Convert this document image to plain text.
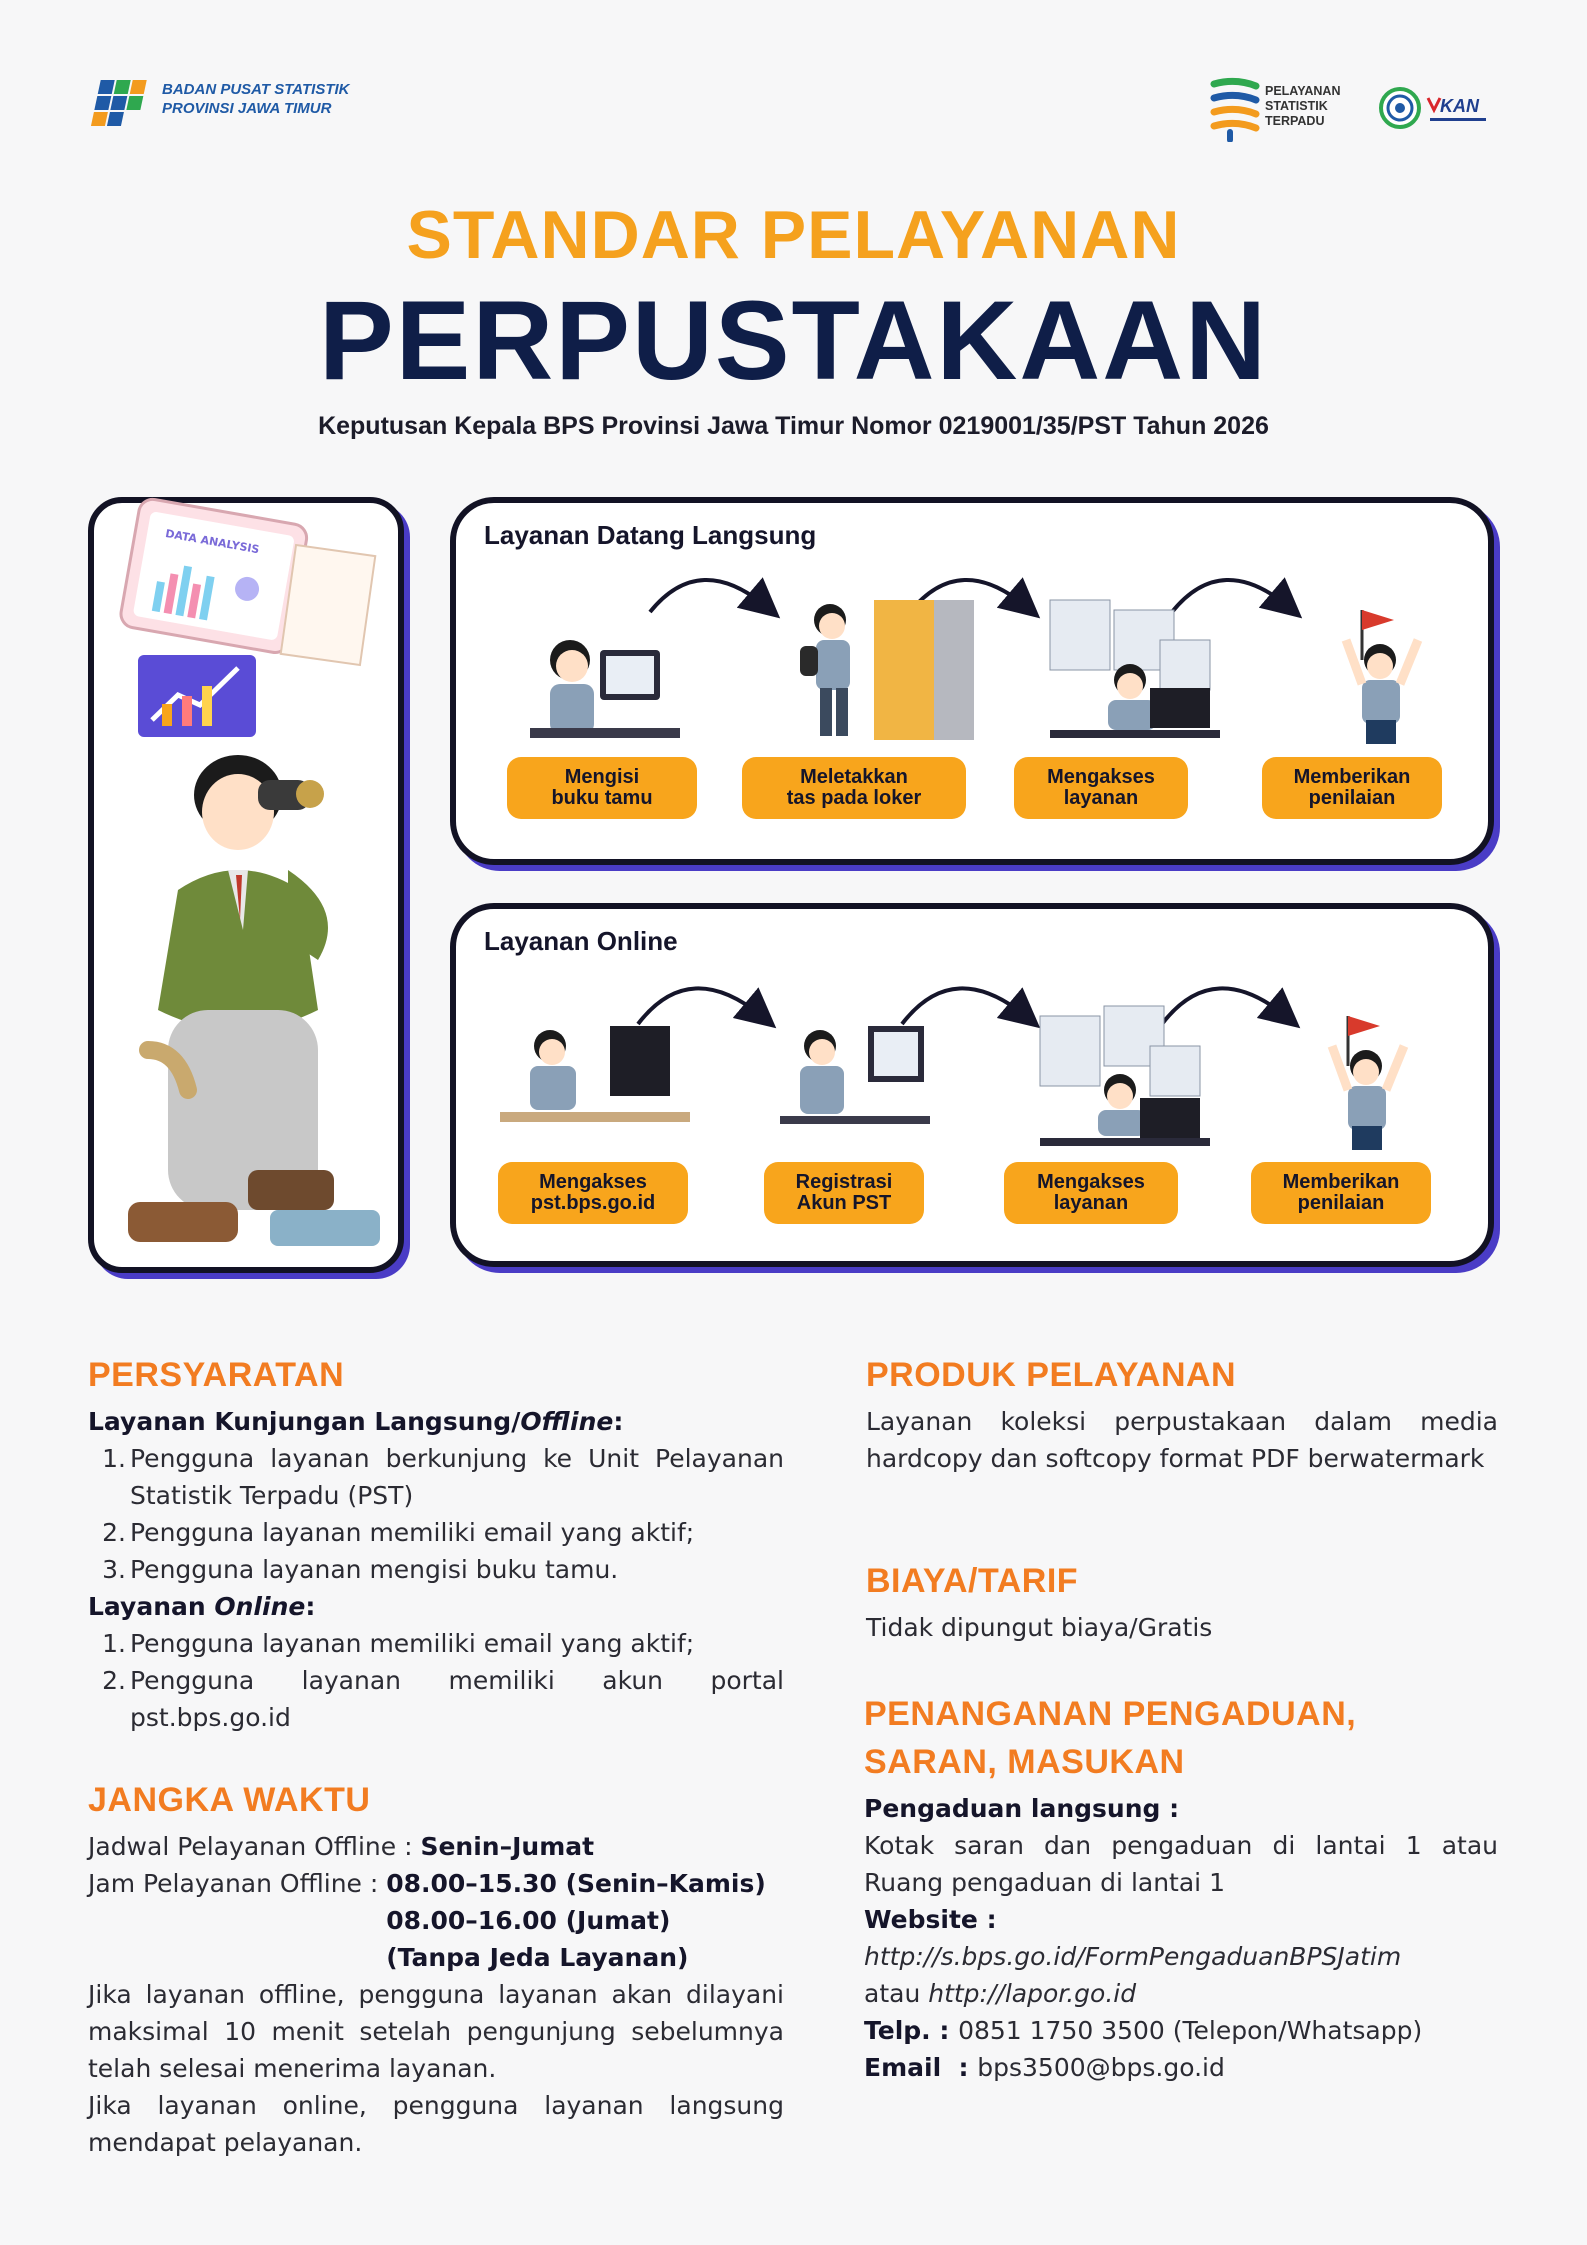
BADAN PUSAT STATISTIK
PROVINSI JAWA TIMUR
PELAYANAN
STATISTIK
TERPADU
KAN
STANDAR PELAYANAN
PERPUSTAKAAN
Keputusan Kepala BPS Provinsi Jawa Timur Nomor 0219001/35/PST Tahun 2026
DATA ANALYSIS	Layanan Datang Langsung
Mengisi
buku tamu
Meletakkan
tas pada loker
Mengakses
layanan
Memberikan
penilaian
Layanan Online
Mengakses
pst.bps.go.id
Registrasi
Akun PST
Mengakses
layanan
Memberikan
penilaian
PERSYARATAN
Layanan Kunjungan Langsung/Offline:
1. Pengguna layanan berkunjung ke Unit Pelayanan Statistik Terpadu (PST)
2. Pengguna layanan memiliki email yang aktif;
3. Pengguna layanan mengisi buku tamu.
Layanan Online:
1. Pengguna layanan memiliki email yang aktif;
2. Pengguna layanan memiliki akun portal pst.bps.go.id
JANGKA WAKTU
Jadwal Pelayanan Offline : Senin–Jumat
Jam Pelayanan Offline : 08.00–15.30 (Senin–Kamis)
08.00–16.00 (Jumat)
(Tanpa Jeda Layanan)
Jika layanan offline, pengguna layanan akan dilayani maksimal 10 menit setelah pengunjung sebelumnya telah selesai menerima layanan.
Jika layanan online, pengguna layanan langsung mendapat pelayanan.
PRODUK PELAYANAN
Layanan koleksi perpustakaan dalam media hardcopy dan softcopy format PDF berwatermark
BIAYA/TARIF
Tidak dipungut biaya/Gratis
PENANGANAN PENGADUAN,
SARAN, MASUKAN
Pengaduan langsung :
Kotak saran dan pengaduan di lantai 1 atau Ruang pengaduan di lantai 1
Website :
http://s.bps.go.id/FormPengaduanBPSJatim
atau http://lapor.go.id
Telp. : 0851 1750 3500 (Telepon/Whatsapp)
Email  : bps3500@bps.go.id
